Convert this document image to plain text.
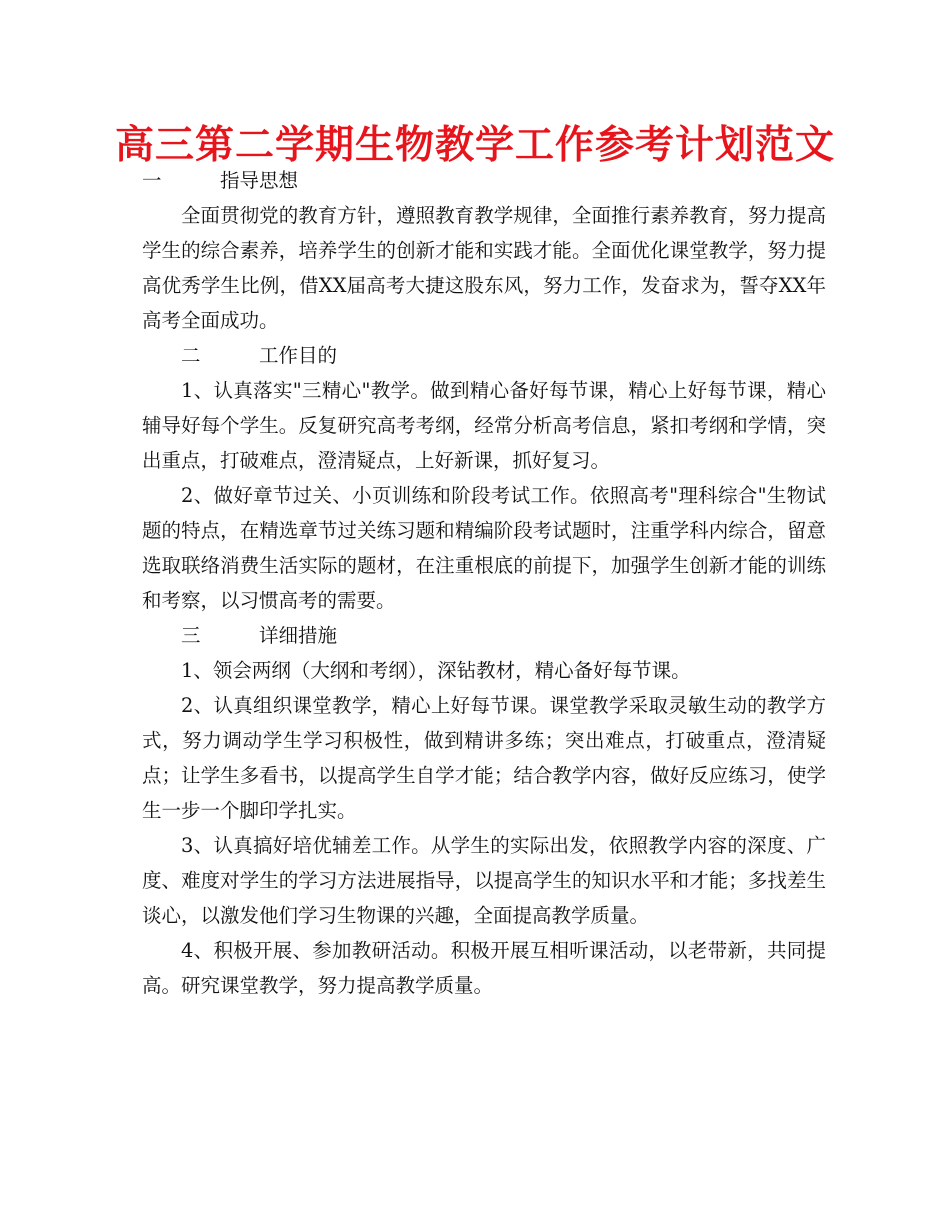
高三第二学期生物教学工作参考计划范文

一　　　指导思想

全面贯彻党的教育方针，遵照教育教学规律，全面推行素养教育，努力提高学生的综合素养，培养学生的创新才能和实践才能。全面优化课堂教学，努力提高优秀学生比例，借XX届高考大捷这股东风，努力工作，发奋求为，誓夺XX年高考全面成功。

二　　　工作目的

1、认真落实"三精心"教学。做到精心备好每节课，精心上好每节课，精心辅导好每个学生。反复研究高考考纲，经常分析高考信息，紧扣考纲和学情，突出重点，打破难点，澄清疑点，上好新课，抓好复习。

2、做好章节过关、小页训练和阶段考试工作。依照高考"理科综合"生物试题的特点，在精选章节过关练习题和精编阶段考试题时，注重学科内综合，留意选取联络消费生活实际的题材，在注重根底的前提下，加强学生创新才能的训练和考察，以习惯高考的需要。

三　　　详细措施

1、领会两纲（大纲和考纲），深钻教材，精心备好每节课。

2、认真组织课堂教学，精心上好每节课。课堂教学采取灵敏生动的教学方式，努力调动学生学习积极性，做到精讲多练；突出难点，打破重点，澄清疑点；让学生多看书，以提高学生自学才能；结合教学内容，做好反应练习，使学生一步一个脚印学扎实。

3、认真搞好培优辅差工作。从学生的实际出发，依照教学内容的深度、广度、难度对学生的学习方法进展指导，以提高学生的知识水平和才能；多找差生谈心，以激发他们学习生物课的兴趣，全面提高教学质量。

4、积极开展、参加教研活动。积极开展互相听课活动，以老带新，共同提高。研究课堂教学，努力提高教学质量。
